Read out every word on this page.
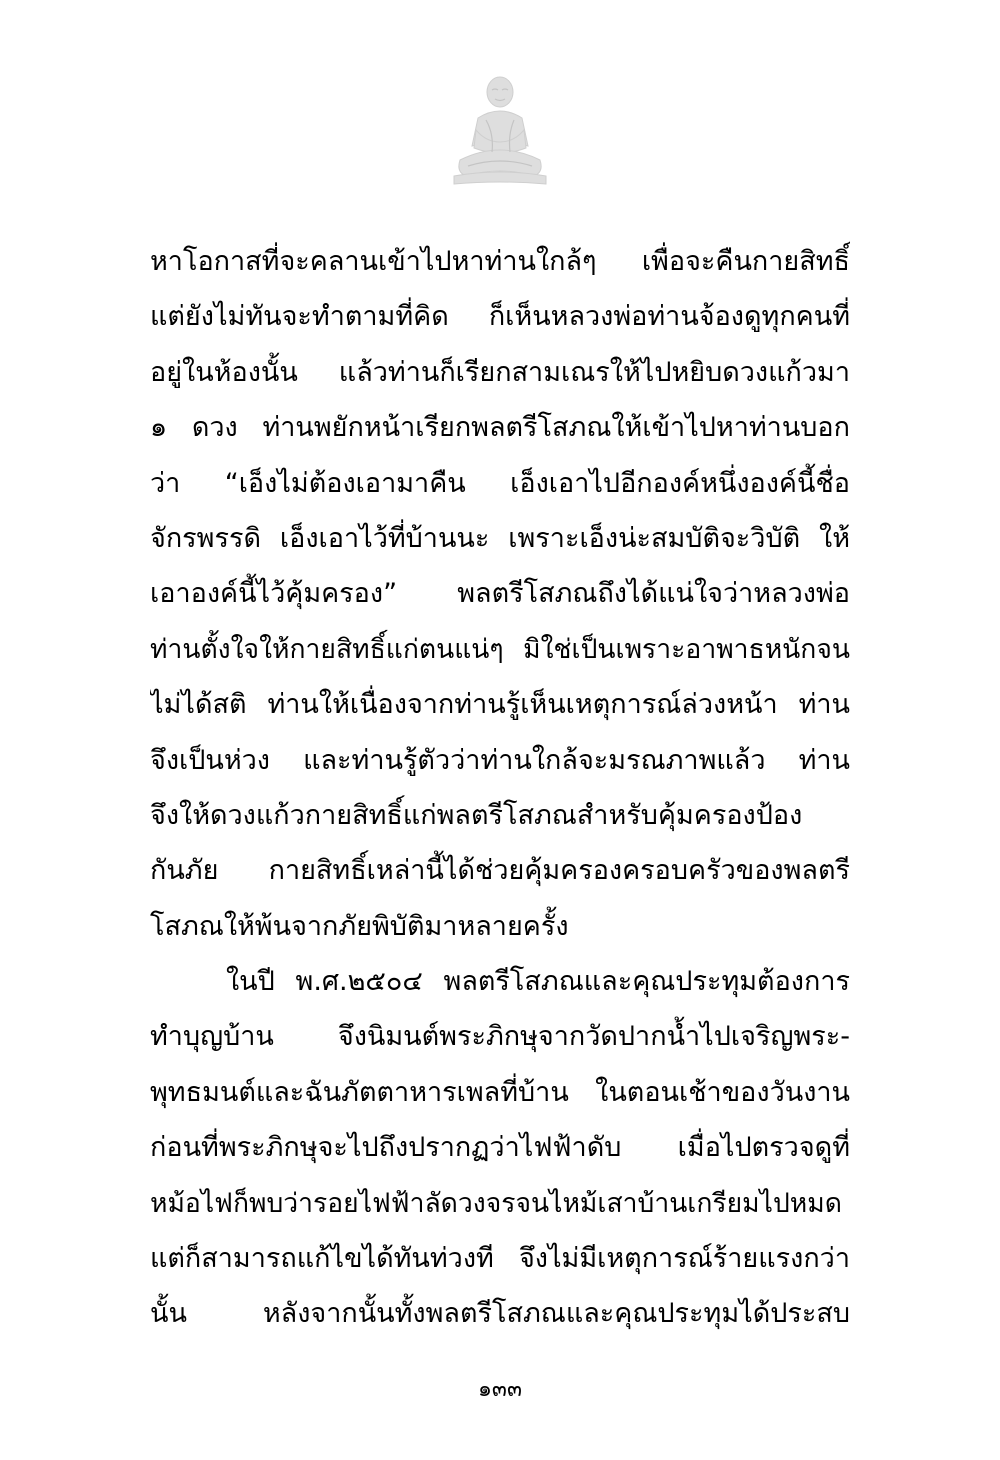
หาโอกาสที่จะคลานเข้าไปหาท่านใกล้ๆ เพื่อจะคืนกายสิทธิ์
แต่ยังไม่ทันจะทำตามที่คิด ก็เห็นหลวงพ่อท่านจ้องดูทุกคนที่
อยู่ในห้องนั้น แล้วท่านก็เรียกสามเณรให้ไปหยิบดวงแก้วมา
๑ ดวง ท่านพยักหน้าเรียกพลตรีโสภณให้เข้าไปหาท่านบอก
ว่า “เอ็งไม่ต้องเอามาคืน เอ็งเอาไปอีกองค์หนึ่งองค์นี้ชื่อ
จักรพรรดิ เอ็งเอาไว้ที่บ้านนะ เพราะเอ็งน่ะสมบัติจะวิบัติ ให้
เอาองค์นี้ไว้คุ้มครอง” พลตรีโสภณถึงได้แน่ใจว่าหลวงพ่อ
ท่านตั้งใจให้กายสิทธิ์แก่ตนแน่ๆ มิใช่เป็นเพราะอาพาธหนักจน
ไม่ได้สติ ท่านให้เนื่องจากท่านรู้เห็นเหตุการณ์ล่วงหน้า ท่าน
จึงเป็นห่วง และท่านรู้ตัวว่าท่านใกล้จะมรณภาพแล้ว ท่าน
จึงให้ดวงแก้วกายสิทธิ์แก่พลตรีโสภณสำหรับคุ้มครองป้อง
กันภัย กายสิทธิ์เหล่านี้ได้ช่วยคุ้มครองครอบครัวของพลตรี
โสภณให้พ้นจากภัยพิบัติมาหลายครั้ง
ในปี พ.ศ.๒๕๐๔ พลตรีโสภณและคุณประทุมต้องการ
ทำบุญบ้าน จึงนิมนต์พระภิกษุจากวัดปากน้ำไปเจริญพระ-
พุทธมนต์และฉันภัตตาหารเพลที่บ้าน ในตอนเช้าของวันงาน
ก่อนที่พระภิกษุจะไปถึงปรากฏว่าไฟฟ้าดับ เมื่อไปตรวจดูที่
หม้อไฟก็พบว่ารอยไฟฟ้าลัดวงจรจนไหม้เสาบ้านเกรียมไปหมด
แต่ก็สามารถแก้ไขได้ทันท่วงที จึงไม่มีเหตุการณ์ร้ายแรงกว่า
นั้น หลังจากนั้นทั้งพลตรีโสภณและคุณประทุมได้ประสบ
๑๓๓
